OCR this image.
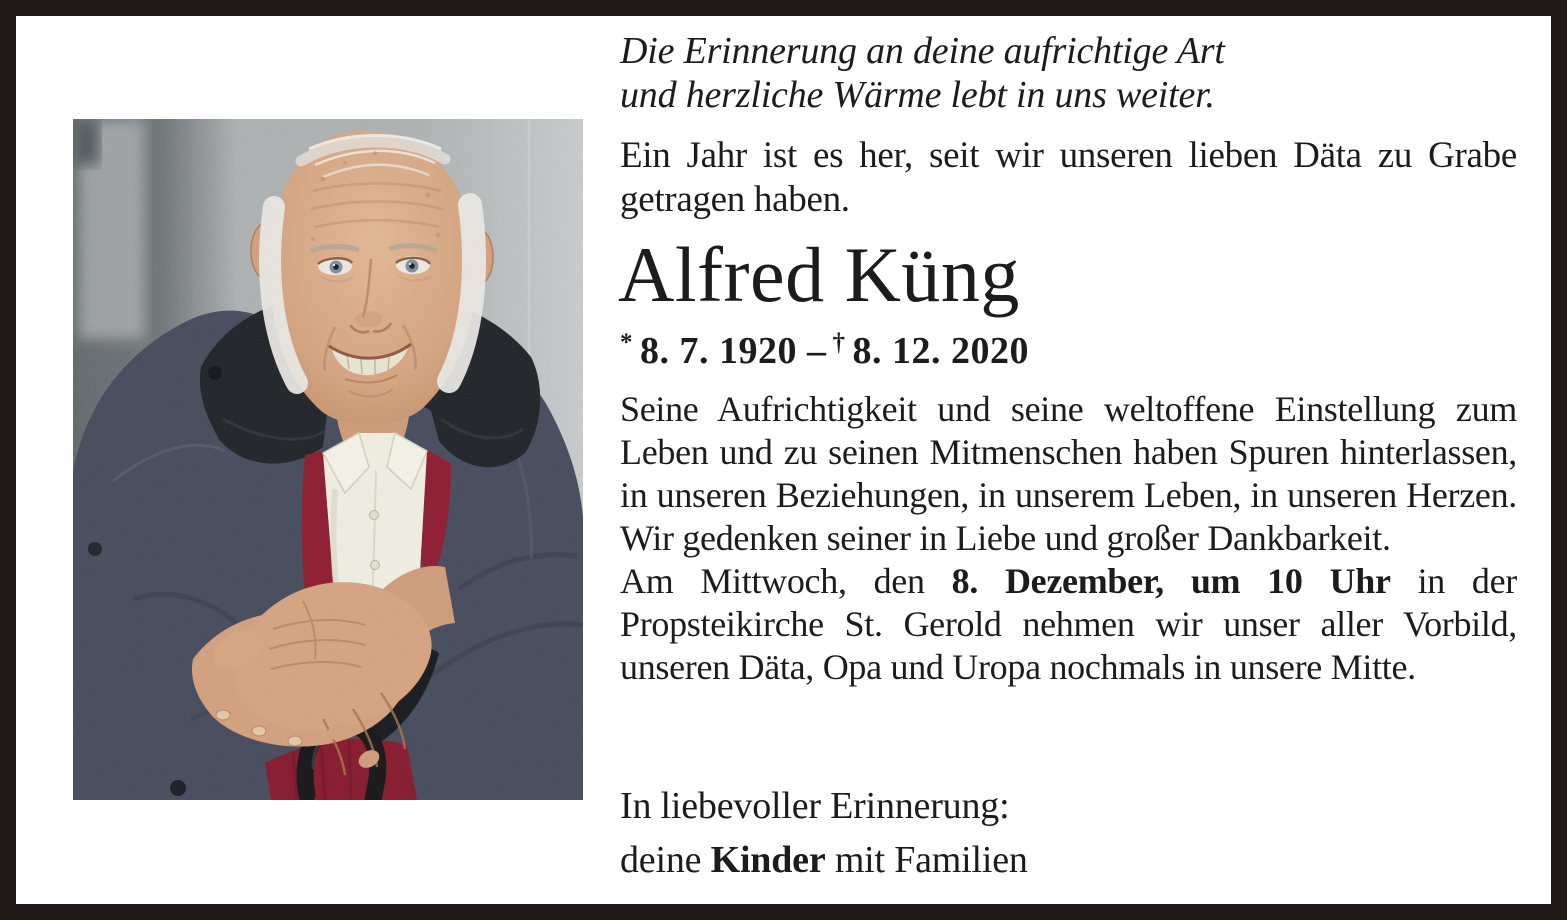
Die Erinnerung an deine aufrichtige Art
und herzliche Wärme lebt in uns weiter.

Ein Jahr ist es her, seit wir unseren lieben Däta zu Grabe getragen haben.

Alfred Küng
* 8. 7. 1920 – † 8. 12. 2020

Seine Aufrichtigkeit und seine weltoffene Einstellung zum Leben und zu seinen Mitmenschen haben Spuren hinterlassen, in unseren Beziehungen, in unserem Leben, in unseren Herzen. Wir gedenken seiner in Liebe und großer Dankbarkeit.

Am Mittwoch, den 8. Dezember, um 10 Uhr in der Propsteikirche St. Gerold nehmen wir unser aller Vorbild, unseren Däta, Opa und Uropa nochmals in unsere Mitte.

In liebevoller Erinnerung:

deine Kinder mit Familien
